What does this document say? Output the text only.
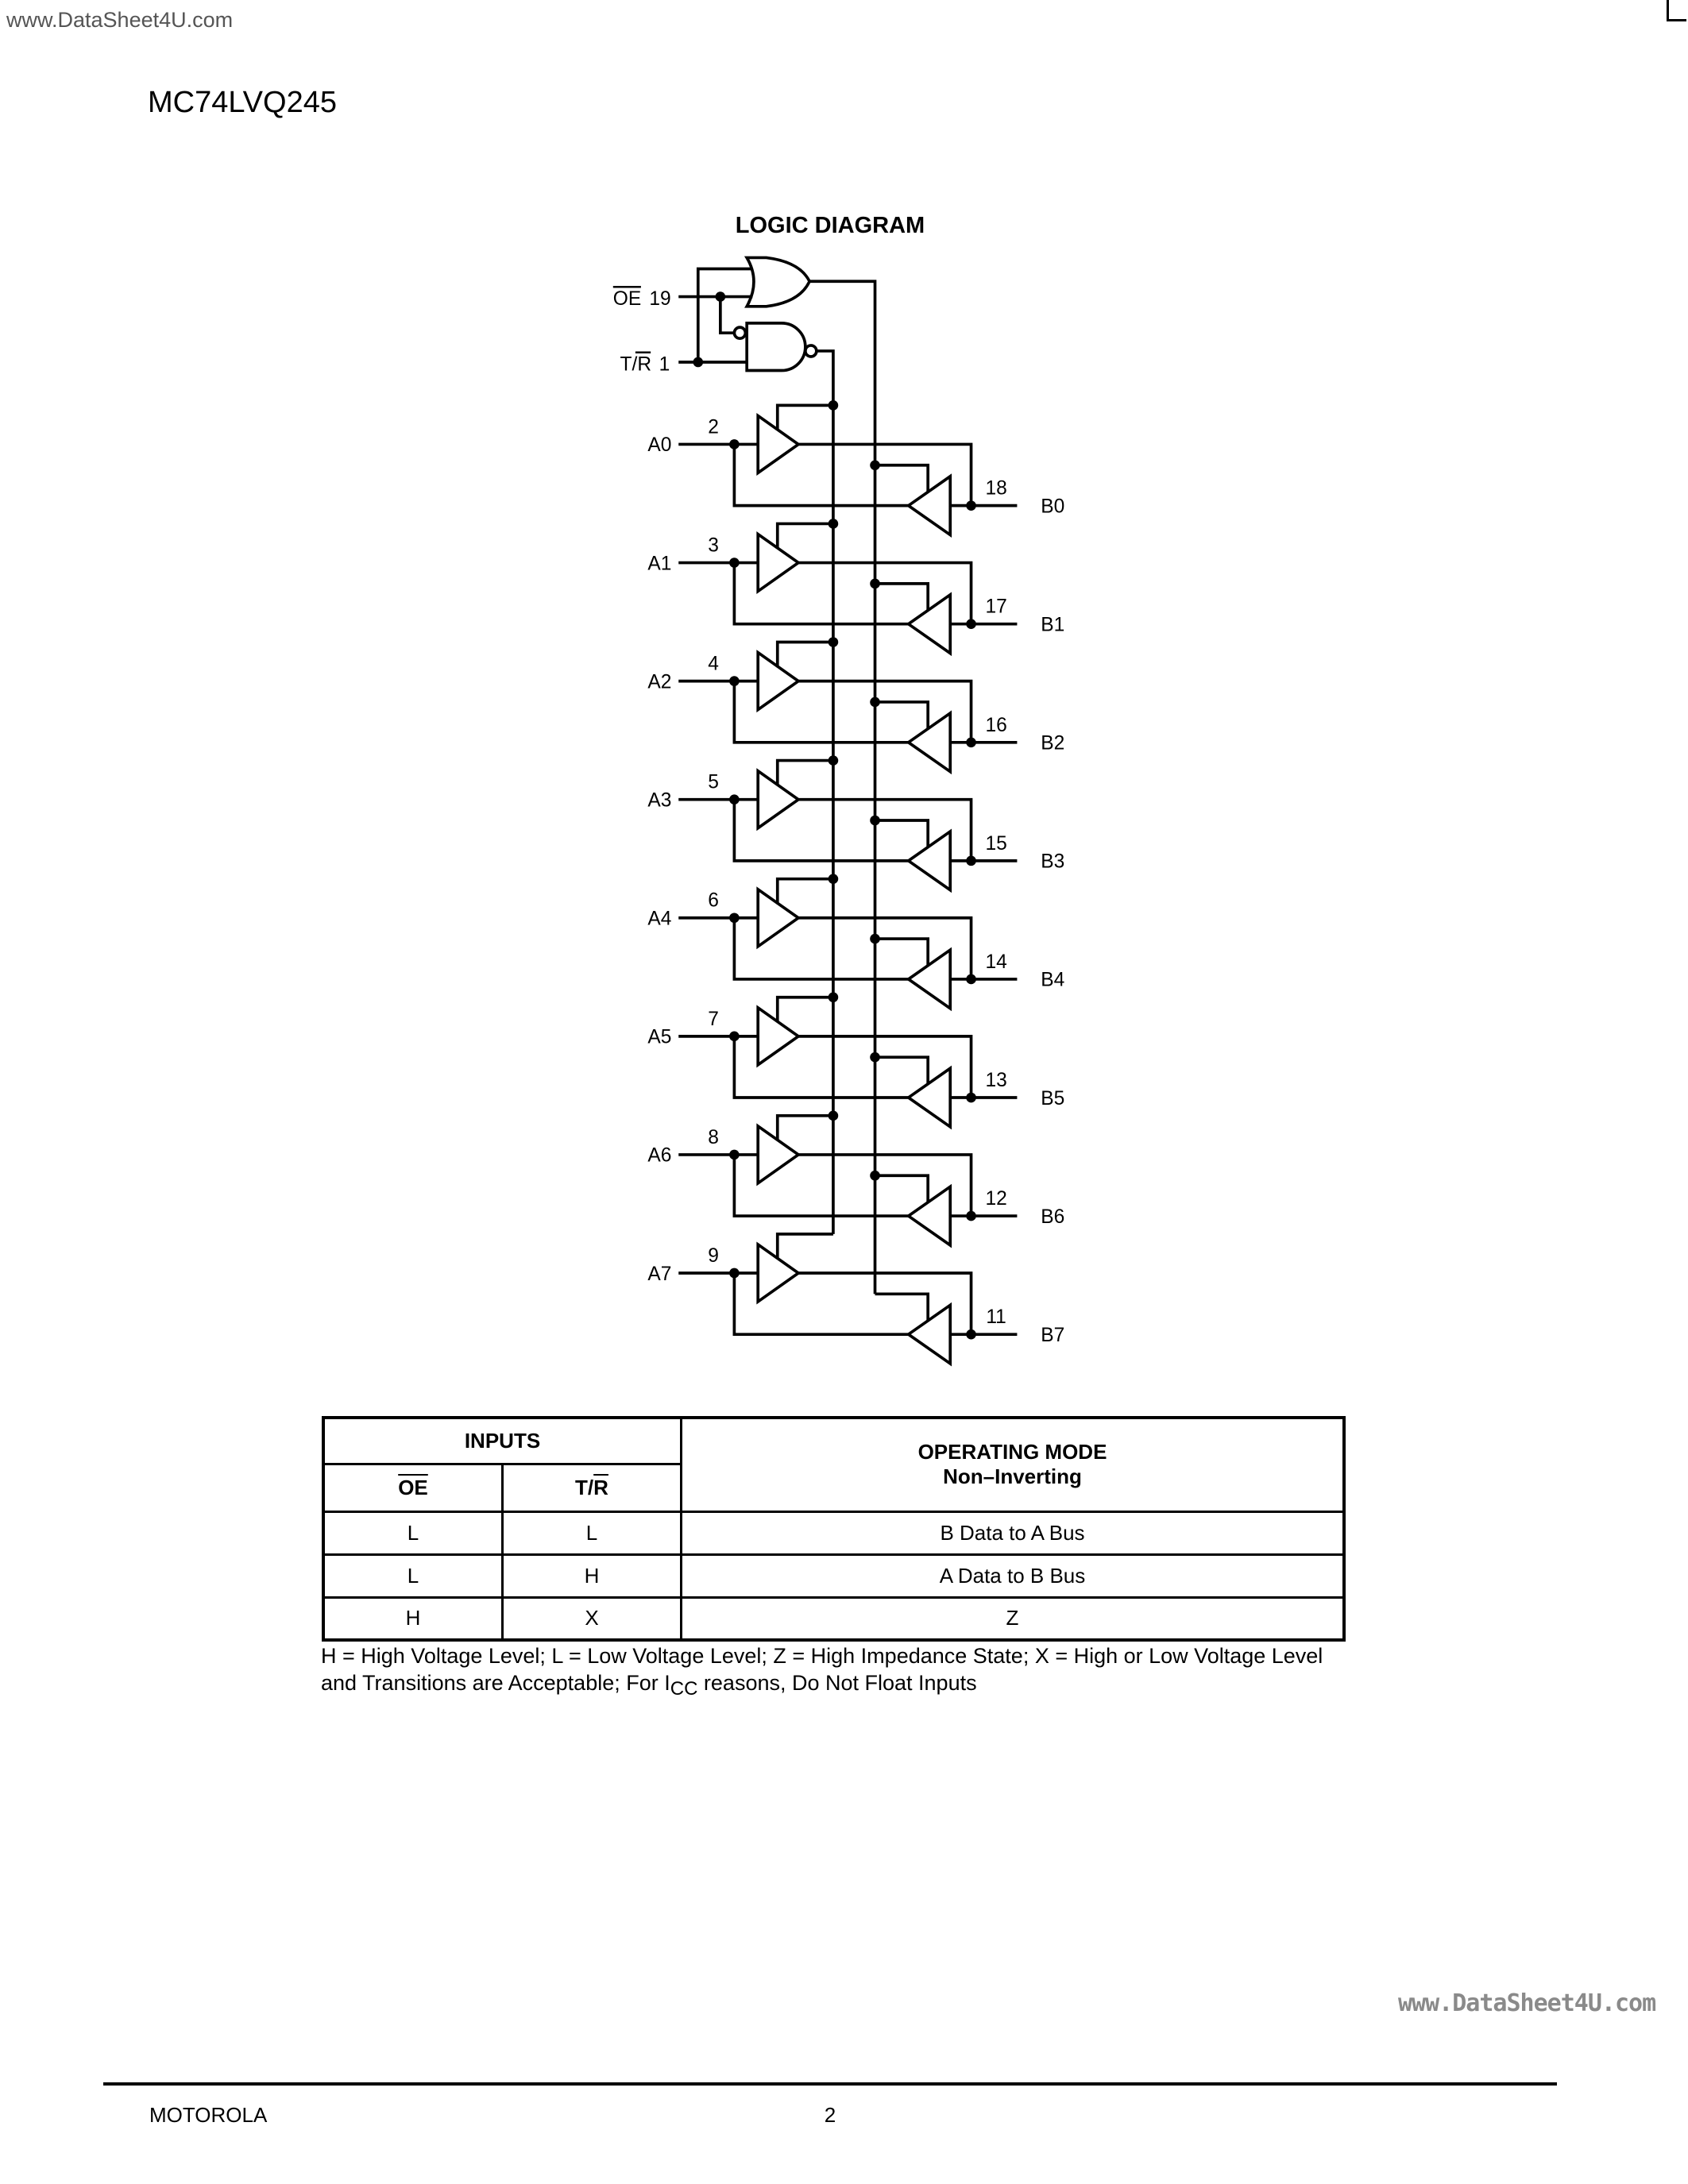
www.DataSheet4U.com
MC74LVQ245
LOGIC DIAGRAM
OE 19
T/R 1
A0
2
B0
18
A1
3
B1
17
A2
4
B2
16
A3
5
B3
15
A4
6
B4
14
A5
7
B5
13
A6
8
B6
12
A7
9
B7
11
INPUTS		OPERATING MODE
Non–Inverting

$\overline{OE}$	$T/\overline{R}$
L	L	B Data to A Bus
L	H	A Data to B Bus
H	X	Z
H = High Voltage Level; L = Low Voltage Level; Z = High Impedance State; X = High or Low Voltage Level
and Transitions are Acceptable; For $I_{CC}$ reasons, Do Not Float Inputs
www.DataSheet4U.com
MOTOROLA	2
